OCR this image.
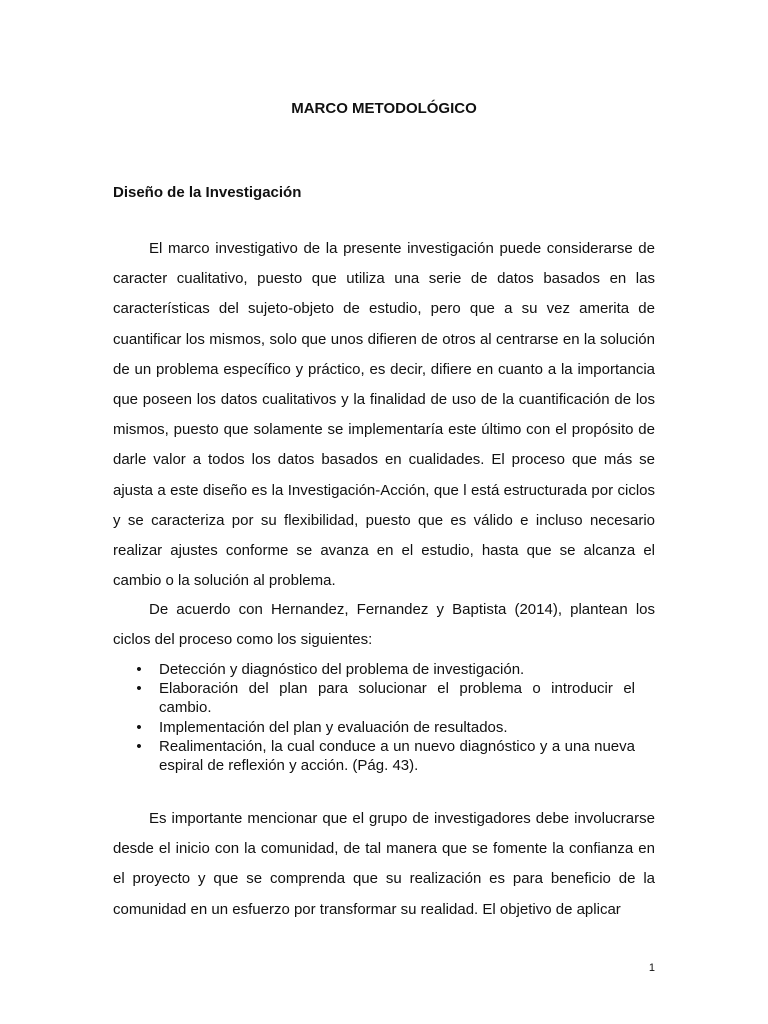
MARCO METODOLÓGICO
Diseño de la Investigación

El marco investigativo de la presente investigación puede considerarse de caracter cualitativo, puesto que utiliza una serie de datos basados en las características del sujeto-objeto de estudio, pero que a su vez amerita de cuantificar los mismos, solo que unos difieren de otros al centrarse en la solución de un problema específico y práctico, es decir, difiere en cuanto a la importancia que poseen los datos cualitativos y la finalidad de uso de la cuantificación de los mismos, puesto que solamente se implementaría este último con el propósito de darle valor a todos los datos basados en cualidades. El proceso que más se ajusta a este diseño es la Investigación-Acción, que l está estructurada por ciclos y se caracteriza por su flexibilidad, puesto que es válido e incluso necesario realizar ajustes conforme se avanza en el estudio, hasta que se alcanza el cambio o la solución al problema.

De acuerdo con Hernandez, Fernandez y Baptista (2014), plantean los ciclos del proceso como los siguientes:

• Detección y diagnóstico del problema de investigación.
• Elaboración del plan para solucionar el problema o introducir el cambio.
• Implementación del plan y evaluación de resultados.
• Realimentación, la cual conduce a un nuevo diagnóstico y a una nueva espiral de reflexión y acción. (Pág. 43).

Es importante mencionar que el grupo de investigadores debe involucrarse desde el inicio con la comunidad, de tal manera que se fomente la confianza en el proyecto y que se comprenda que su realización es para beneficio de la comunidad en un esfuerzo por transformar su realidad. El objetivo de aplicar

1
